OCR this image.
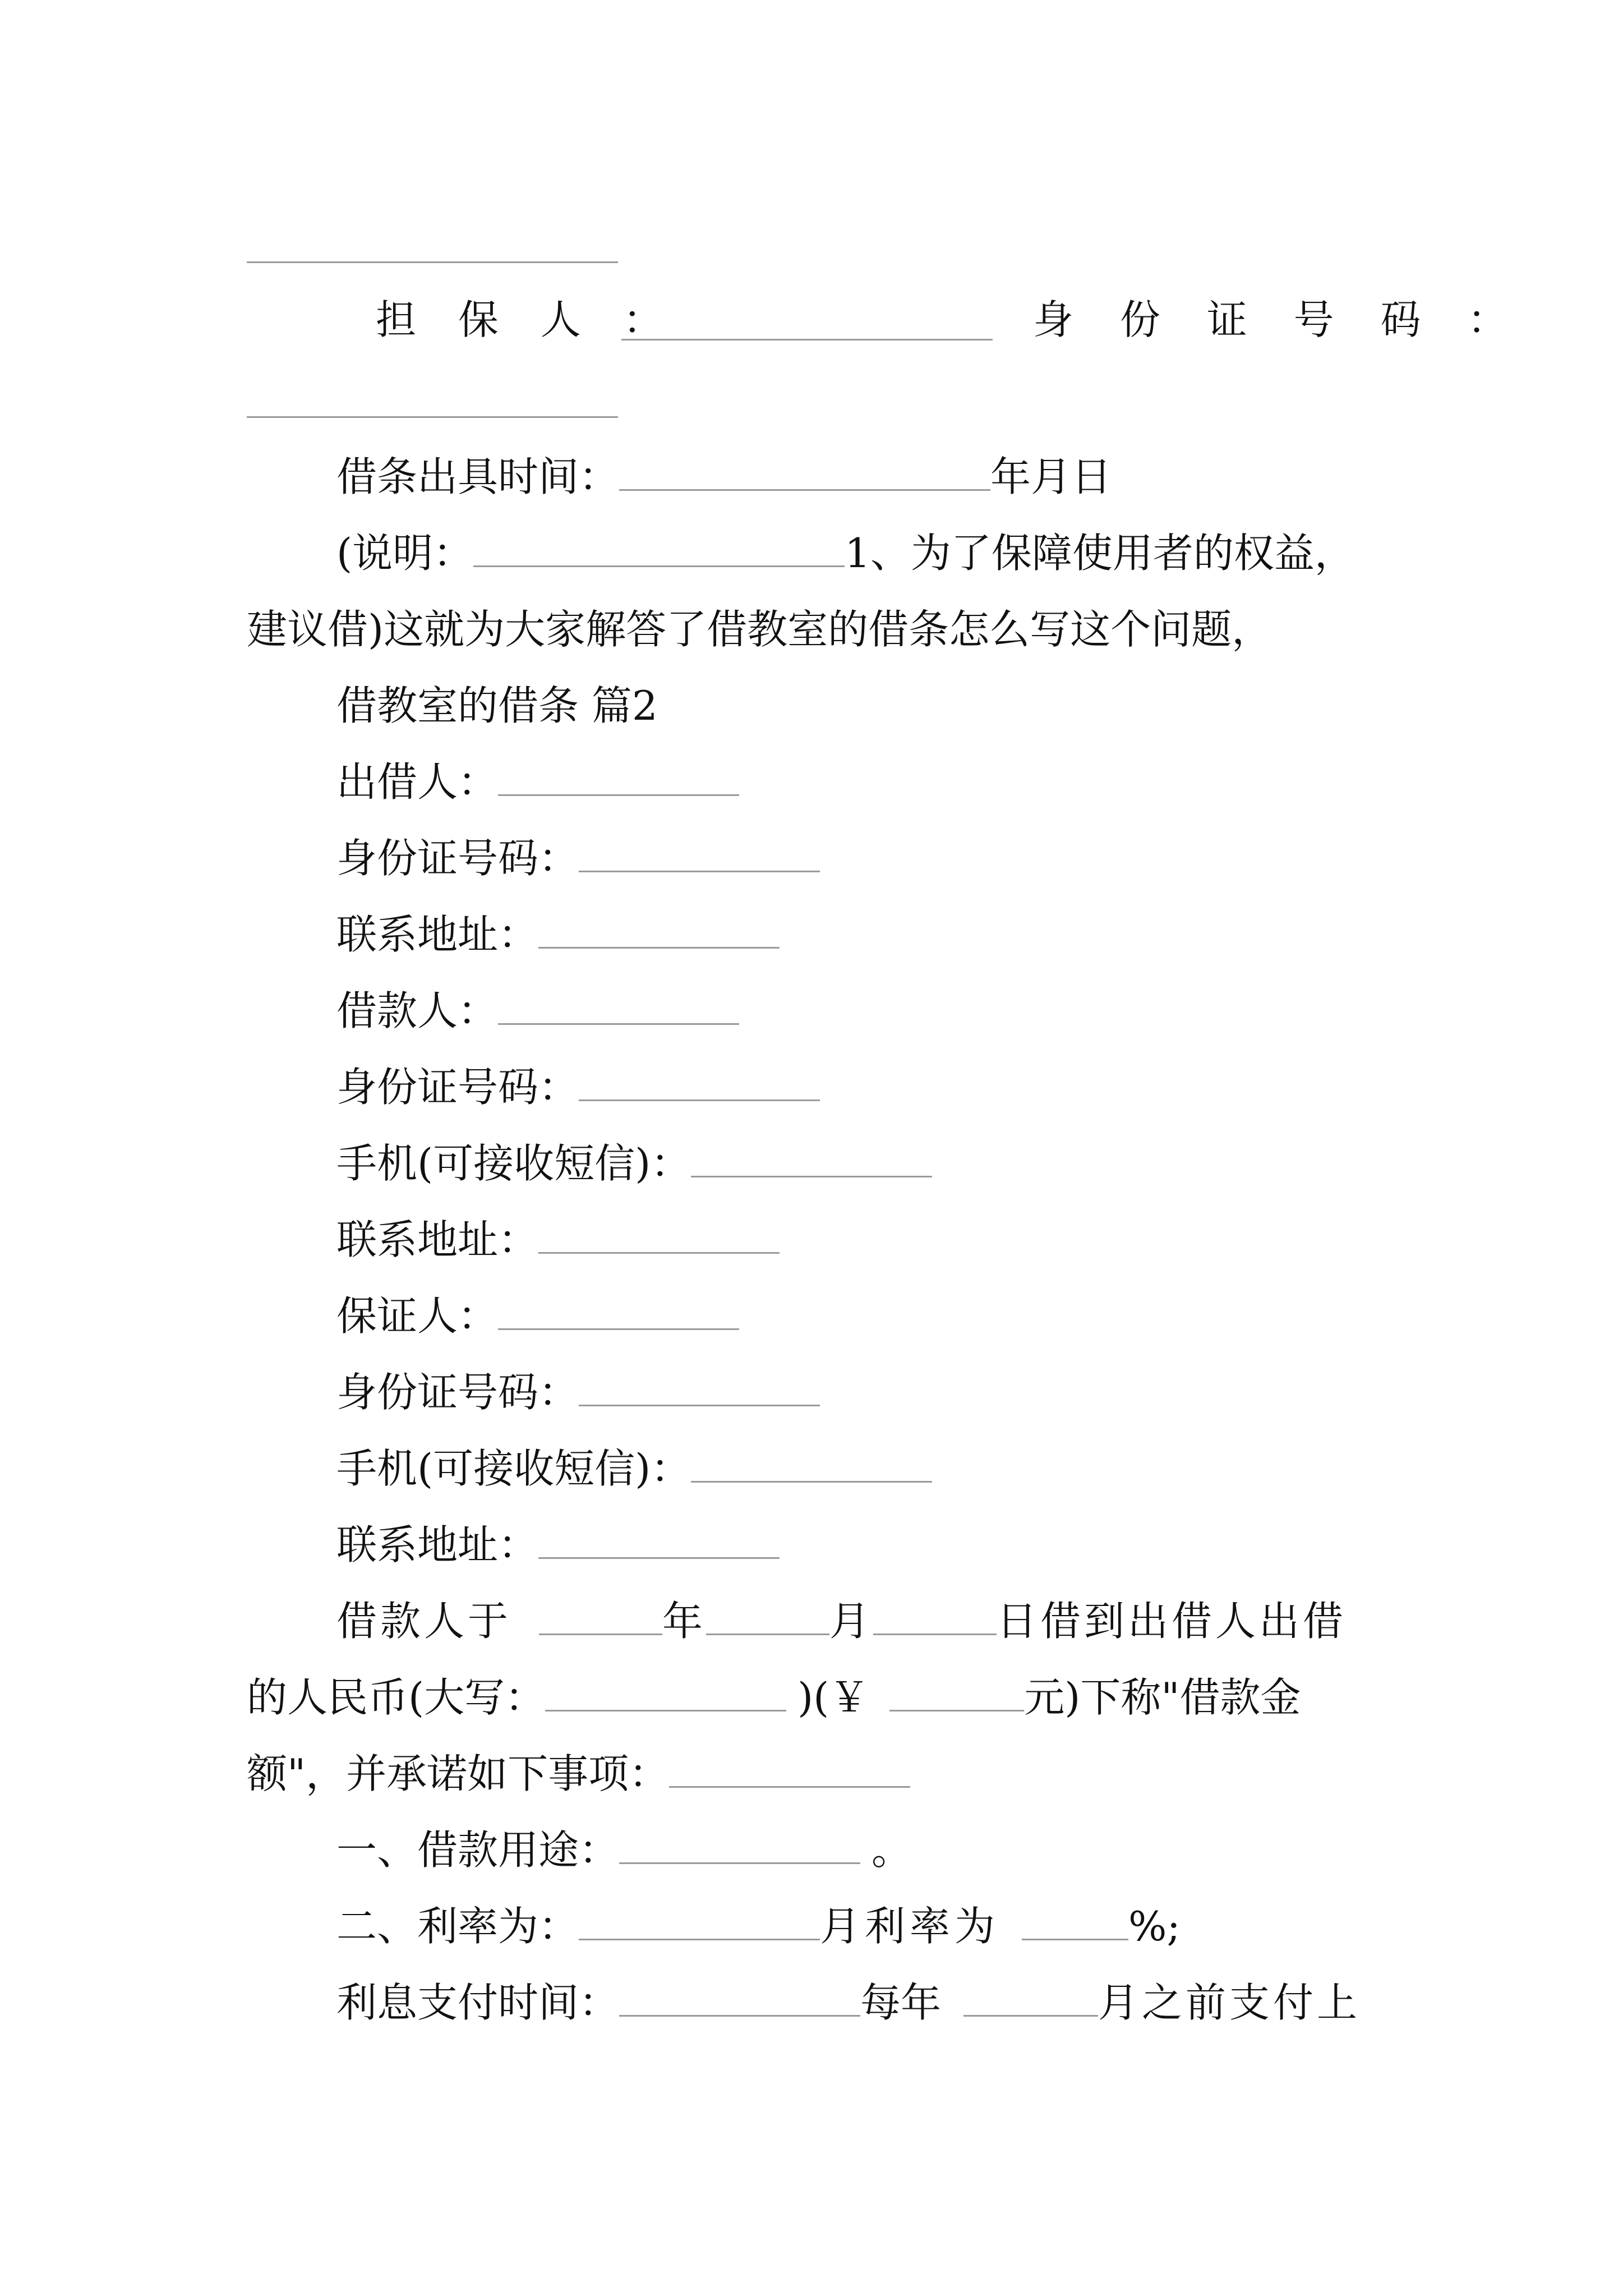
担 保 人 ：	身 份 证 号 码 ：
借条出具时间：	年月日
(说明：	1、为了保障使用者的权益，
建议借)这就为大家解答了借教室的借条怎么写这个问题，
借教室的借条 篇2
出借人：
身份证号码：
联系地址：
借款人：
身份证号码：
手机(可接收短信)：
联系地址：
保证人：
身份证号码：
手机(可接收短信)：
联系地址：
借款人于	年	月	日借到出借人出借
的人民币(大写：	)(￥	元)下称"借款金
额"，并承诺如下事项：
一、借款用途：	。
二、利率为：	月利率为	%;
利息支付时间：	每年	月之前支付上
